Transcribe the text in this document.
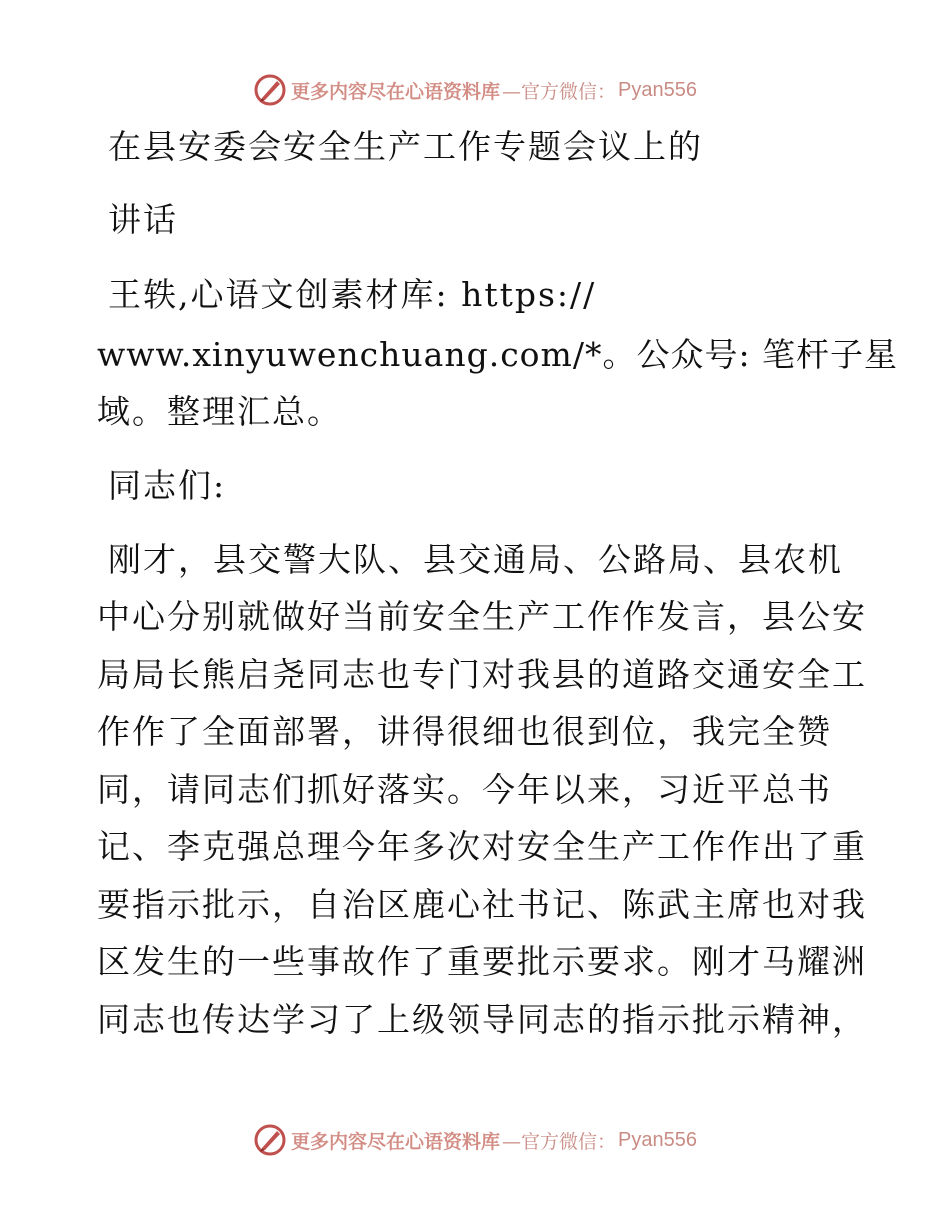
更多内容尽在心语资料库 —官方微信： Pyan556
在县安委会安全生产工作专题会议上的
讲话
王轶,心语文创素材库: https://
www.xinyuwenchuang.com/*。公众号: 笔杆子星
域。整理汇总。
同志们:
刚才，县交警大队、县交通局、公路局、县农机
中心分别就做好当前安全生产工作作发言，县公安
局局长熊启尧同志也专门对我县的道路交通安全工
作作了全面部署，讲得很细也很到位，我完全赞
同，请同志们抓好落实。今年以来，习近平总书
记、李克强总理今年多次对安全生产工作作出了重
要指示批示，自治区鹿心社书记、陈武主席也对我
区发生的一些事故作了重要批示要求。刚才马耀洲
同志也传达学习了上级领导同志的指示批示精神，
更多内容尽在心语资料库 —官方微信： Pyan556
